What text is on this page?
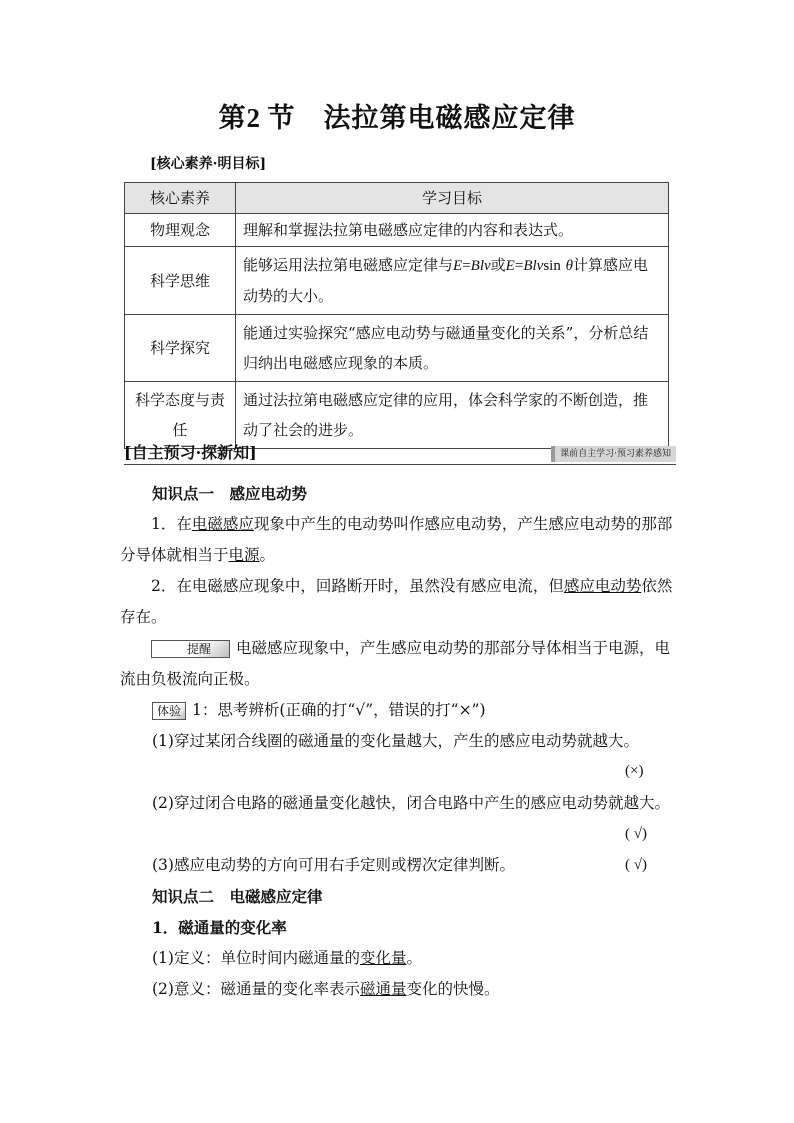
第2  节  法拉第电磁感应定律
[核心素养·明目标]
核心素养	学习目标
物理观念	理解和掌握法拉第电磁感应定律的内容和表达式。
科学思维	能够运用法拉第电磁感应定律与E=Blv或E=Blvsin θ计算感应电动势的大小。
科学探究	能通过实验探究“感应电动势与磁通量变化的关系”，分析总结归纳出电磁感应现象的本质。
科学态度与责任	通过法拉第电磁感应定律的应用，体会科学家的不断创造，推动了社会的进步。
[自主预习·探新知]	课前自主学习·预习素养感知
知识点一　感应电动势
1．在电磁感应现象中产生的电动势叫作感应电动势，产生感应电动势的那部分导体就相当于电源。
2．在电磁感应现象中，回路断开时，虽然没有感应电流，但感应电动势依然存在。
提醒 电磁感应现象中，产生感应电动势的那部分导体相当于电源，电流由负极流向正极。
体验 1：思考辨析(正确的打“√”，错误的打“×”)
(1)穿过某闭合线圈的磁通量的变化量越大，产生的感应电动势就越大。
(×)
(2)穿过闭合电路的磁通量变化越快，闭合电路中产生的感应电动势就越大。
( √)
(3)感应电动势的方向可用右手定则或楞次定律判断。	( √)
知识点二　电磁感应定律
1．磁通量的变化率
(1)定义：单位时间内磁通量的变化量。
(2)意义：磁通量的变化率表示磁通量变化的快慢。
